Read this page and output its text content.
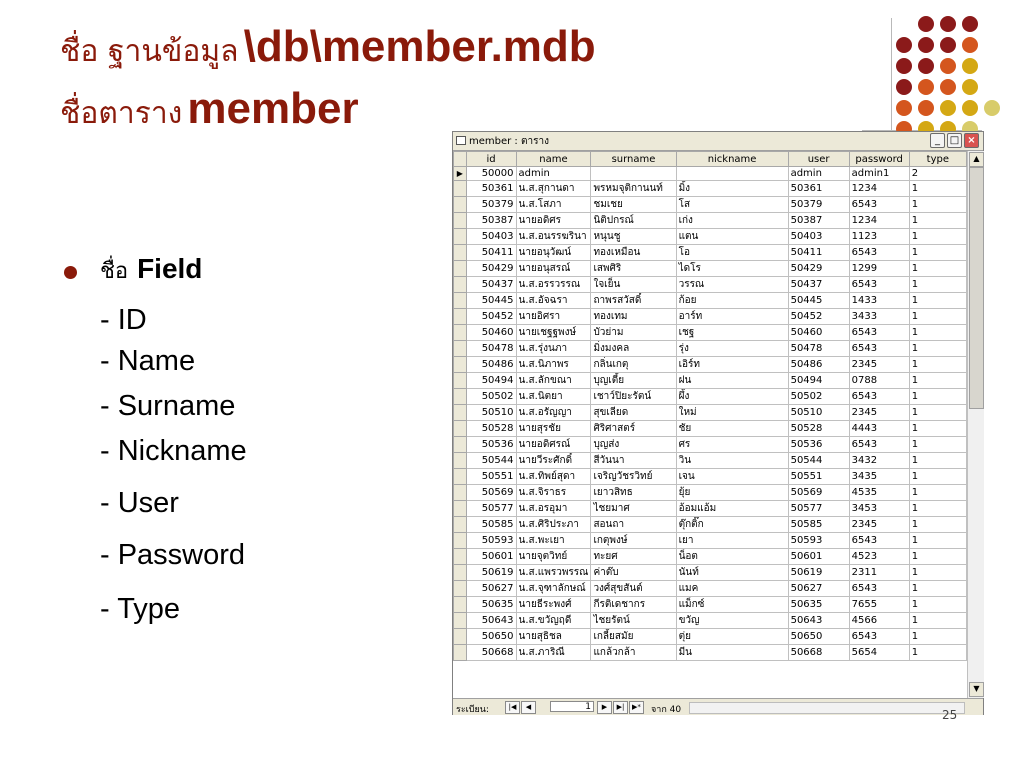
ชื่อ ฐานข้อมูล \db\member.mdb
ชื่อตาราง member
ชื่อ Field
- ID
- Name
- Surname
- Nickname
- User
- Password
- Type
member : ตาราง	_ □ ×
	id	name	surname	nickname	user	password	type
▶	50000	admin			admin	admin1	2
	50361	น.ส.สุกานดา	พรหมจุติกานนท์	มิ้ง	50361	1234	1
	50379	น.ส.โสภา	ชมเชย	โส	50379	6543	1
	50387	นายอดิศร	นิติปกรณ์	เก่ง	50387	1234	1
	50403	น.ส.อนรรฆรินา	หนุนชู	แตน	50403	1123	1
	50411	นายอนุวัฒน์	ทองเหมือน	โอ	50411	6543	1
	50429	นายอนุสรณ์	เสพศิริ	ไดโร	50429	1299	1
	50437	น.ส.อรรวรรณ	ใจเย็น	วรรณ	50437	6543	1
	50445	น.ส.อัจฉรา	ถาพรสวัสดิ์	ก้อย	50445	1433	1
	50452	นายอิศรา	ทองเทม	อาร์ท	50452	3433	1
	50460	นายเชฐฐพงษ์	บัวย่าม	เชฐ	50460	6543	1
	50478	น.ส.รุ่งนภา	มิ่งมงคล	รุ่ง	50478	6543	1
	50486	น.ส.นิภาพร	กลิ่นเกตุ	เอิร์ท	50486	2345	1
	50494	น.ส.ลักขณา	บุญเตี้ย	ฝน	50494	0788	1
	50502	น.ส.นิตยา	เชาว์ปิยะรัตน์	ผึ้ง	50502	6543	1
	50510	น.ส.อรัญญา	สุขเลียด	ใหม่	50510	2345	1
	50528	นายสุรชัย	ศิริศาสตร์	ชัย	50528	4443	1
	50536	นายอดิศรณ์	บุญส่ง	ศร	50536	6543	1
	50544	นายวีระศักดิ์	สีวันนา	วิน	50544	3432	1
	50551	น.ส.ทิพย์สุดา	เจริญวัชรวิทย์	เจน	50551	3435	1
	50569	น.ส.จิราธร	เยาวสิทธ	ยุ้ย	50569	4535	1
	50577	น.ส.อรอุมา	ไชยมาศ	อ้อมแอ้ม	50577	3453	1
	50585	น.ส.ศิริประภา	สอนถา	ตุ๊กติ๊ก	50585	2345	1
	50593	น.ส.พะเยา	เกตุพงษ์	เยา	50593	6543	1
	50601	นายจุตวิทย์	ทะยศ	น็อต	50601	4523	1
	50619	น.ส.แพรวพรรณ	ค่าต๊บ	นันท์	50619	2311	1
	50627	น.ส.จุฑาลักษณ์	วงศ์สุขสันต์	แมค	50627	6543	1
	50635	นายธีระพงศ์	กีรติเดชากร	แม็กซ์	50635	7655	1
	50643	น.ส.ขวัญฤดี	ไชยรัตน์	ขวัญ	50643	4566	1
	50650	นายสุธิชล	เกลี้ยสมัย	ตุ่ย	50650	6543	1
	50668	น.ส.ภาริณี	แกล้วกล้า	มีน	50668	5654	1
▲
▼
ระเบียน:	|◀	◀	1	▶	▶|	▶*	จาก 40	25
